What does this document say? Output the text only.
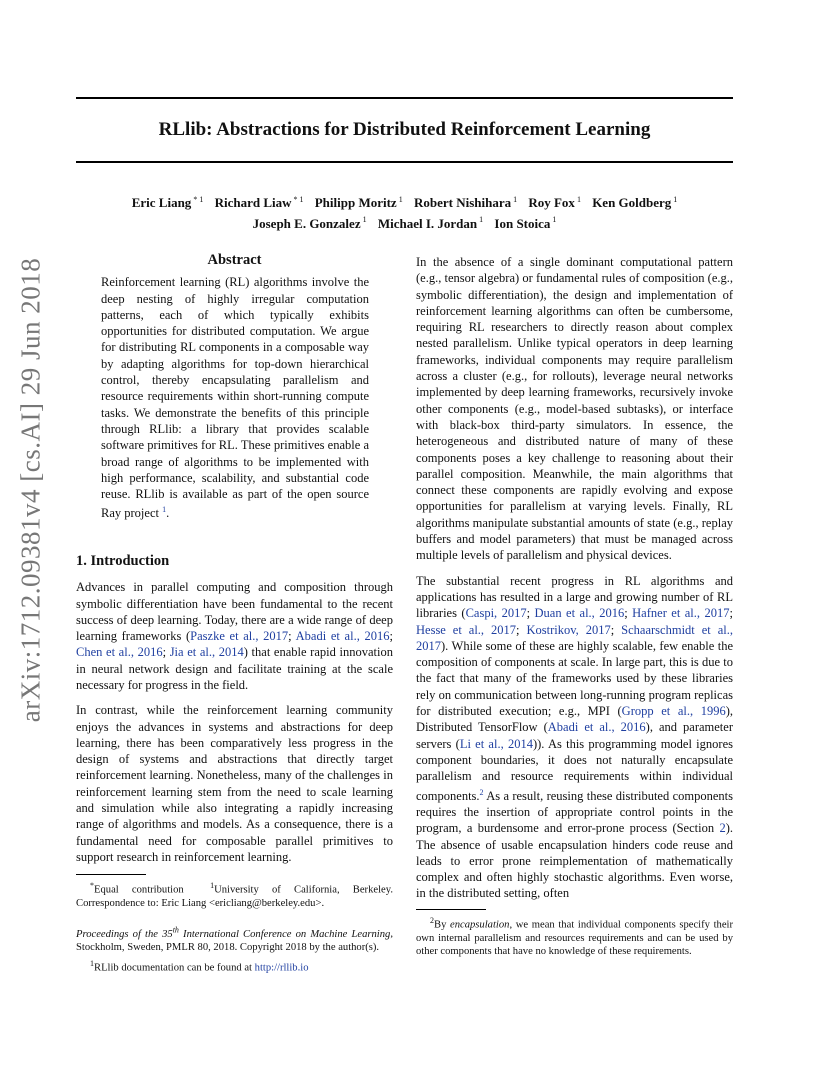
RLlib: Abstractions for Distributed Reinforcement Learning
Eric Liang $^{* 1}$ Richard Liaw $^{* 1}$ Philipp Moritz $^1$ Robert Nishihara $^1$ Roy Fox $^1$ Ken Goldberg $^1$
Joseph E. Gonzalez $^1$ Michael I. Jordan $^1$ Ion Stoica $^1$
arXiv:1712.09381v4 [cs.AI] 29 Jun 2018	Abstract

Reinforcement learning (RL) algorithms involve the deep nesting of highly irregular computation patterns, each of which typically exhibits opportunities for distributed computation. We argue for distributing RL components in a composable way by adapting algorithms for top-down hierarchical control, thereby encapsulating parallelism and resource requirements within short-running compute tasks. We demonstrate the benefits of this principle through RLlib: a library that provides scalable software primitives for RL. These primitives enable a broad range of algorithms to be implemented with high performance, scalability, and substantial code reuse. RLlib is available as part of the open source Ray project $^1$.

1. Introduction

Advances in parallel computing and composition through symbolic differentiation have been fundamental to the recent success of deep learning. Today, there are a wide range of deep learning frameworks (Paszke et al., 2017; Abadi et al., 2016; Chen et al., 2016; Jia et al., 2014) that enable rapid innovation in neural network design and facilitate training at the scale necessary for progress in the field.

In contrast, while the reinforcement learning community enjoys the advances in systems and abstractions for deep learning, there has been comparatively less progress in the design of systems and abstractions that directly target reinforcement learning. Nonetheless, many of the challenges in reinforcement learning stem from the need to scale learning and simulation while also integrating a rapidly increasing range of algorithms and models. As a consequence, there is a fundamental need for composable parallel primitives to support research in reinforcement learning.

*Equal contribution	$^1$University of California, Berkeley. Correspondence to: Eric Liang <ericliang@berkeley.edu>.

Proceedings of the 35th International Conference on Machine Learning, Stockholm, Sweden, PMLR 80, 2018. Copyright 2018 by the author(s).

$^1$RLlib documentation can be found at http://rllib.io

In the absence of a single dominant computational pattern (e.g., tensor algebra) or fundamental rules of composition (e.g., symbolic differentiation), the design and implementation of reinforcement learning algorithms can often be cumbersome, requiring RL researchers to directly reason about complex nested parallelism. Unlike typical operators in deep learning frameworks, individual components may require parallelism across a cluster (e.g., for rollouts), leverage neural networks implemented by deep learning frameworks, recursively invoke other components (e.g., model-based subtasks), or interface with black-box third-party simulators. In essence, the heterogeneous and distributed nature of many of these components poses a key challenge to reasoning about their parallel composition. Meanwhile, the main algorithms that connect these components are rapidly evolving and expose opportunities for parallelism at varying levels. Finally, RL algorithms manipulate substantial amounts of state (e.g., replay buffers and model parameters) that must be managed across multiple levels of parallelism and physical devices.

The substantial recent progress in RL algorithms and applications has resulted in a large and growing number of RL libraries (Caspi, 2017; Duan et al., 2016; Hafner et al., 2017; Hesse et al., 2017; Kostrikov, 2017; Schaarschmidt et al., 2017). While some of these are highly scalable, few enable the composition of components at scale. In large part, this is due to the fact that many of the frameworks used by these libraries rely on communication between long-running program replicas for distributed execution; e.g., MPI (Gropp et al., 1996), Distributed TensorFlow (Abadi et al., 2016), and parameter servers (Li et al., 2014)). As this programming model ignores component boundaries, it does not naturally encapsulate parallelism and resource requirements within individual components.$^2$ As a result, reusing these distributed components requires the insertion of appropriate control points in the program, a burdensome and error-prone process (Section 2). The absence of usable encapsulation hinders code reuse and leads to error prone reimplementation of mathematically complex and often highly stochastic algorithms. Even worse, in the distributed setting, often

$^2$By encapsulation, we mean that individual components specify their own internal parallelism and resources requirements and can be used by other components that have no knowledge of these requirements.
